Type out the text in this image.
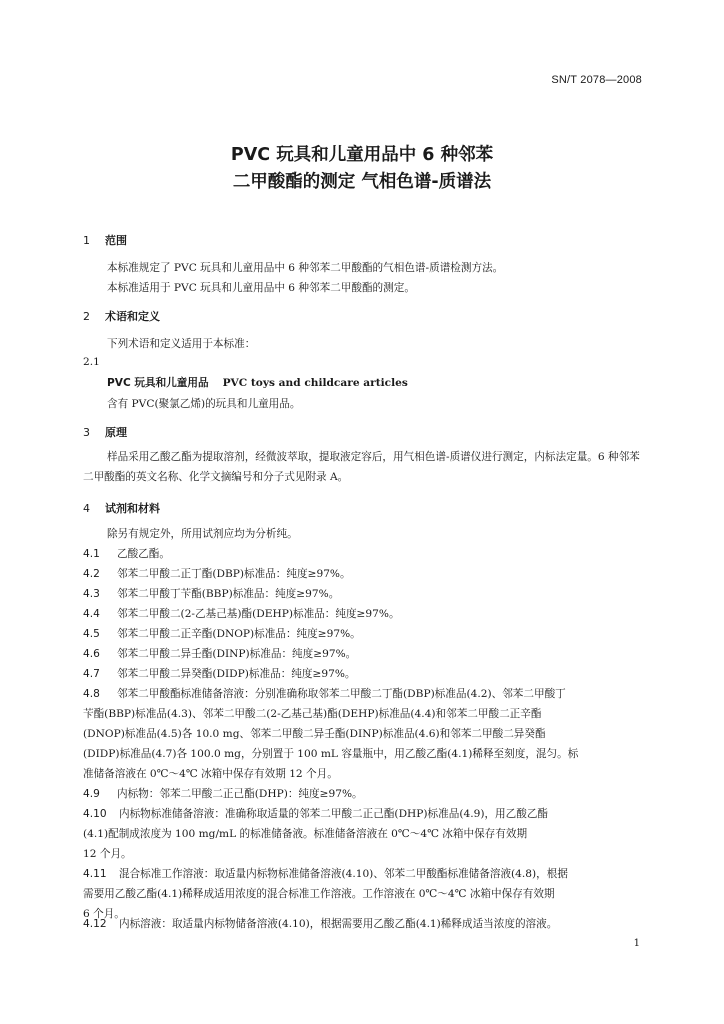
SN/T 2078—2008
PVC 玩具和儿童用品中 6 种邻苯
二甲酸酯的测定 气相色谱-质谱法
1 范围
本标准规定了 PVC 玩具和儿童用品中 6 种邻苯二甲酸酯的气相色谱-质谱检测方法。
本标准适用于 PVC 玩具和儿童用品中 6 种邻苯二甲酸酯的测定。
2 术语和定义
下列术语和定义适用于本标准：
2.1
PVC 玩具和儿童用品 PVC toys and childcare articles
含有 PVC(聚氯乙烯)的玩具和儿童用品。
3 原理
样品采用乙酸乙酯为提取溶剂，经微波萃取，提取液定容后，用气相色谱-质谱仪进行测定，内标法定量。6 种邻苯二甲酸酯的英文名称、化学文摘编号和分子式见附录 A。
4 试剂和材料
除另有规定外，所用试剂应均为分析纯。
4.1 乙酸乙酯。
4.2 邻苯二甲酸二正丁酯(DBP)标准品：纯度≥97%。
4.3 邻苯二甲酸丁苄酯(BBP)标准品：纯度≥97%。
4.4 邻苯二甲酸二(2-乙基己基)酯(DEHP)标准品：纯度≥97%。
4.5 邻苯二甲酸二正辛酯(DNOP)标准品：纯度≥97%。
4.6 邻苯二甲酸二异壬酯(DINP)标准品：纯度≥97%。
4.7 邻苯二甲酸二异癸酯(DIDP)标准品：纯度≥97%。
4.8 邻苯二甲酸酯标准储备溶液：分别准确称取邻苯二甲酸二丁酯(DBP)标准品(4.2)、邻苯二甲酸丁
苄酯(BBP)标准品(4.3)、邻苯二甲酸二(2-乙基己基)酯(DEHP)标准品(4.4)和邻苯二甲酸二正辛酯
(DNOP)标准品(4.5)各 10.0 mg、邻苯二甲酸二异壬酯(DINP)标准品(4.6)和邻苯二甲酸二异癸酯
(DIDP)标准品(4.7)各 100.0 mg，分别置于 100 mL 容量瓶中，用乙酸乙酯(4.1)稀释至刻度，混匀。标
准储备溶液在 0℃～4℃ 冰箱中保存有效期 12 个月。
4.9 内标物：邻苯二甲酸二正己酯(DHP)：纯度≥97%。
4.10 内标物标准储备溶液：准确称取适量的邻苯二甲酸二正己酯(DHP)标准品(4.9)，用乙酸乙酯
(4.1)配制成浓度为 100 mg/mL 的标准储备液。标准储备溶液在 0℃～4℃ 冰箱中保存有效期
12 个月。
4.11 混合标准工作溶液：取适量内标物标准储备溶液(4.10)、邻苯二甲酸酯标准储备溶液(4.8)，根据
需要用乙酸乙酯(4.1)稀释成适用浓度的混合标准工作溶液。工作溶液在 0℃～4℃ 冰箱中保存有效期
6 个月。
4.12 内标溶液：取适量内标物储备溶液(4.10)，根据需要用乙酸乙酯(4.1)稀释成适当浓度的溶液。
1
